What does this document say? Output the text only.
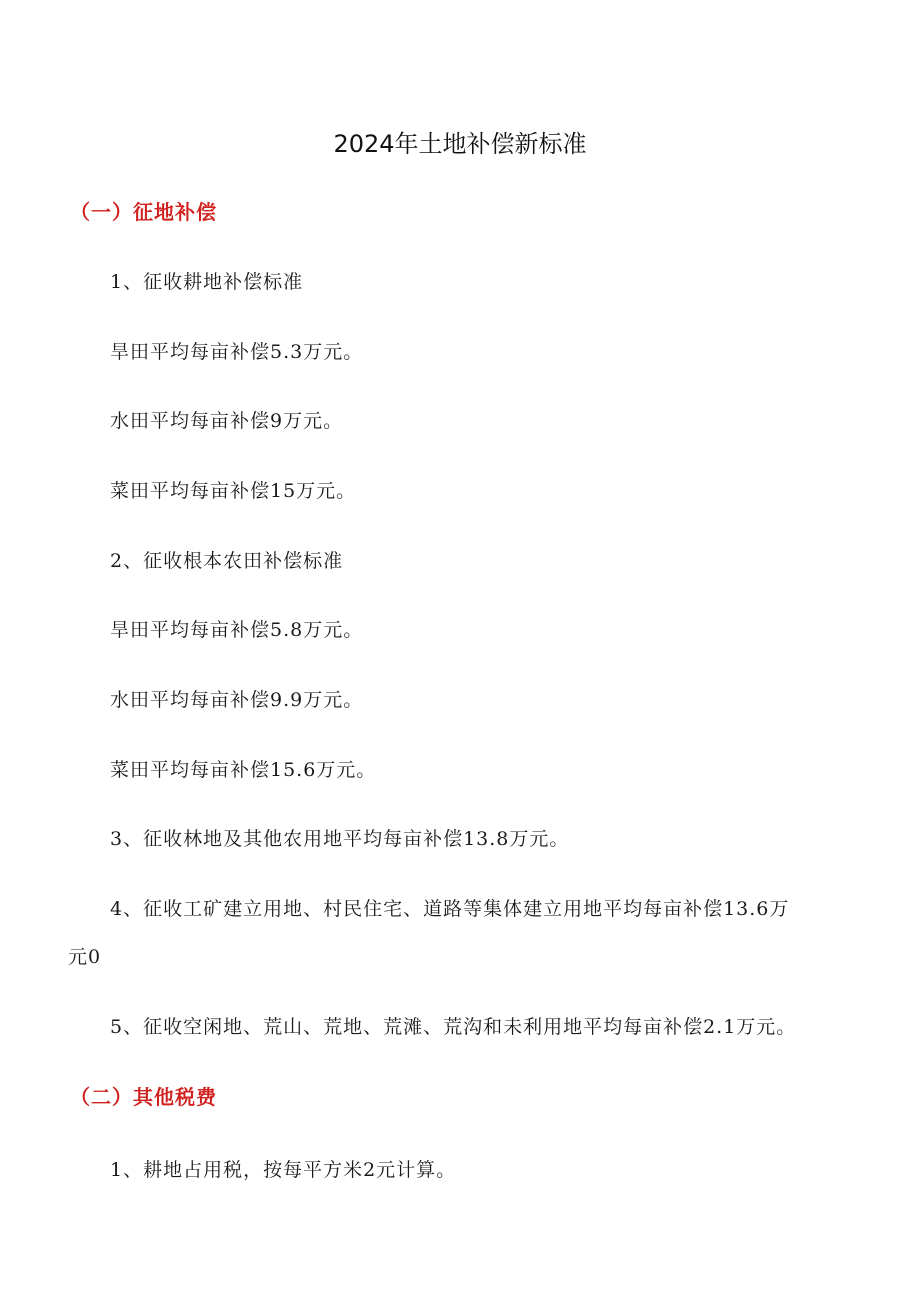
2024年土地补偿新标准
（一）征地补偿
1、征收耕地补偿标准
旱田平均每亩补偿5.3万元。
水田平均每亩补偿9万元。
菜田平均每亩补偿15万元。
2、征收根本农田补偿标准
旱田平均每亩补偿5.8万元。
水田平均每亩补偿9.9万元。
菜田平均每亩补偿15.6万元。
3、征收林地及其他农用地平均每亩补偿13.8万元。
4、征收工矿建立用地、村民住宅、道路等集体建立用地平均每亩补偿13.6万
元0
5、征收空闲地、荒山、荒地、荒滩、荒沟和未利用地平均每亩补偿2.1万元。
（二）其他税费
1、耕地占用税，按每平方米2元计算。
